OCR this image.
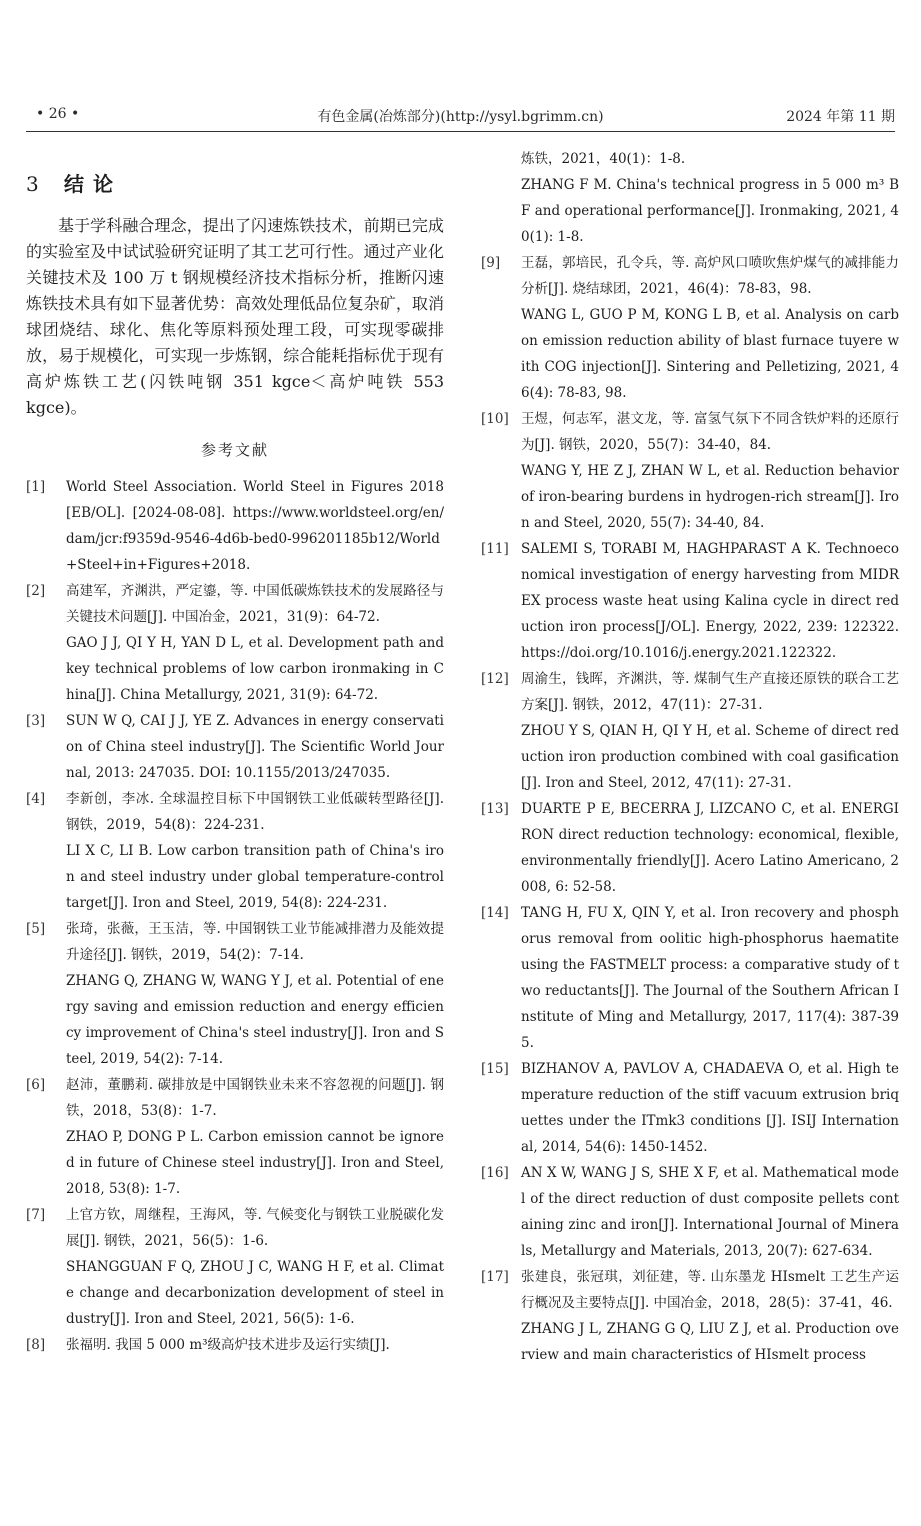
• 26 •	有色金属(冶炼部分)(http://ysyl.bgrimm.cn)	2024 年第 11 期
3 结 论

基于学科融合理念，提出了闪速炼铁技术，前期已完成的实验室及中试试验研究证明了其工艺可行性。通过产业化关键技术及 100 万 t 钢规模经济技术指标分析，推断闪速炼铁技术具有如下显著优势：高效处理低品位复杂矿，取消球团烧结、球化、焦化等原料预处理工段，可实现零碳排放，易于规模化，可实现一步炼钢，综合能耗指标优于现有高炉炼铁工艺(闪铁吨钢 351 kgce＜高炉吨铁 553 kgce)。

参考文献
[1]	World Steel Association. World Steel in Figures 2018 [EB/OL]. [2024-08-08]. https://www.worldsteel.org/en/dam/jcr:f9359d-9546-4d6b-bed0-996201185b12/World+Steel+in+Figures+2018.
[2]	高建军，齐渊洪，严定鎏，等. 中国低碳炼铁技术的发展路径与关键技术问题[J]. 中国冶金，2021，31(9)：64-72.
GAO J J, QI Y H, YAN D L, et al. Development path and key technical problems of low carbon ironmaking in China[J]. China Metallurgy, 2021, 31(9): 64-72.
[3]	SUN W Q, CAI J J, YE Z. Advances in energy conservation of China steel industry[J]. The Scientific World Journal, 2013: 247035. DOI: 10.1155/2013/247035.
[4]	李新创，李冰. 全球温控目标下中国钢铁工业低碳转型路径[J]. 钢铁，2019，54(8)：224-231.
LI X C, LI B. Low carbon transition path of China's iron and steel industry under global temperature-control target[J]. Iron and Steel, 2019, 54(8): 224-231.
[5]	张琦，张薇，王玉洁，等. 中国钢铁工业节能减排潜力及能效提升途径[J]. 钢铁，2019，54(2)：7-14.
ZHANG Q, ZHANG W, WANG Y J, et al. Potential of energy saving and emission reduction and energy efficiency improvement of China's steel industry[J]. Iron and Steel, 2019, 54(2): 7-14.
[6]	赵沛，董鹏莉. 碳排放是中国钢铁业未来不容忽视的问题[J]. 钢铁，2018，53(8)：1-7.
ZHAO P, DONG P L. Carbon emission cannot be ignored in future of Chinese steel industry[J]. Iron and Steel, 2018, 53(8): 1-7.
[7]	上官方钦，周继程，王海风，等. 气候变化与钢铁工业脱碳化发展[J]. 钢铁，2021，56(5)：1-6.
SHANGGUAN F Q, ZHOU J C, WANG H F, et al. Climate change and decarbonization development of steel industry[J]. Iron and Steel, 2021, 56(5): 1-6.
[8]	张福明. 我国 5 000 m³级高炉技术进步及运行实绩[J].
炼铁，2021，40(1)：1-8.
ZHANG F M. China's technical progress in 5 000 m³ BF and operational performance[J]. Ironmaking, 2021, 40(1): 1-8.
[9]	王磊，郭培民，孔令兵，等. 高炉风口喷吹焦炉煤气的减排能力分析[J]. 烧结球团，2021，46(4)：78-83，98.
WANG L, GUO P M, KONG L B, et al. Analysis on carbon emission reduction ability of blast furnace tuyere with COG injection[J]. Sintering and Pelletizing, 2021, 46(4): 78-83, 98.
[10] 王煜，何志军，湛文龙，等. 富氢气氛下不同含铁炉料的还原行为[J]. 钢铁，2020，55(7)：34-40，84.
WANG Y, HE Z J, ZHAN W L, et al. Reduction behavior of iron-bearing burdens in hydrogen-rich stream[J]. Iron and Steel, 2020, 55(7): 34-40, 84.
[11] SALEMI S, TORABI M, HAGHPARAST A K. Technoeconomical investigation of energy harvesting from MIDREX process waste heat using Kalina cycle in direct reduction iron process[J/OL]. Energy, 2022, 239: 122322. https://doi.org/10.1016/j.energy.2021.122322.
[12] 周渝生，钱晖，齐渊洪，等. 煤制气生产直接还原铁的联合工艺方案[J]. 钢铁，2012，47(11)：27-31.
ZHOU Y S, QIAN H, QI Y H, et al. Scheme of direct reduction iron production combined with coal gasification[J]. Iron and Steel, 2012, 47(11): 27-31.
[13] DUARTE P E, BECERRA J, LIZCANO C, et al. ENERGIRON direct reduction technology: economical, flexible, environmentally friendly[J]. Acero Latino Americano, 2008, 6: 52-58.
[14] TANG H, FU X, QIN Y, et al. Iron recovery and phosphorus removal from oolitic high-phosphorus haematite using the FASTMELT process: a comparative study of two reductants[J]. The Journal of the Southern African Institute of Ming and Metallurgy, 2017, 117(4): 387-395.
[15] BIZHANOV A, PAVLOV A, CHADAEVA O, et al. High temperature reduction of the stiff vacuum extrusion briquettes under the ITmk3 conditions [J]. ISIJ International, 2014, 54(6): 1450-1452.
[16] AN X W, WANG J S, SHE X F, et al. Mathematical model of the direct reduction of dust composite pellets containing zinc and iron[J]. International Journal of Minerals, Metallurgy and Materials, 2013, 20(7): 627-634.
[17] 张建良，张冠琪，刘征建，等. 山东墨龙 HIsmelt 工艺生产运行概况及主要特点[J]. 中国冶金，2018，28(5)：37-41，46.
ZHANG J L, ZHANG G Q, LIU Z J, et al. Production overview and main characteristics of HIsmelt process
